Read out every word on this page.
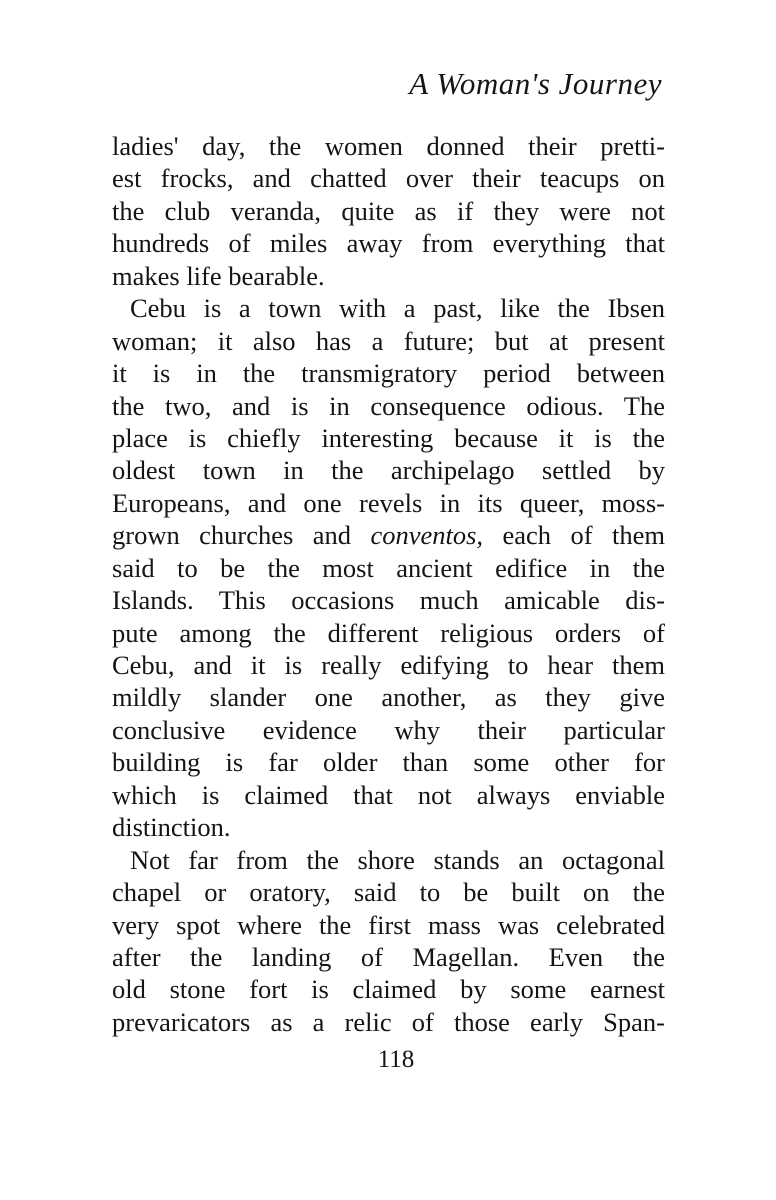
A Woman's Journey
ladies' day, the women donned their pretti-
est frocks, and chatted over their teacups on
the club veranda, quite as if they were not
hundreds of miles away from everything that
makes life bearable.
Cebu is a town with a past, like the Ibsen
woman; it also has a future; but at present
it is in the transmigratory period between
the two, and is in consequence odious. The
place is chiefly interesting because it is the
oldest town in the archipelago settled by
Europeans, and one revels in its queer, moss-
grown churches and conventos, each of them
said to be the most ancient edifice in the
Islands. This occasions much amicable dis-
pute among the different religious orders of
Cebu, and it is really edifying to hear them
mildly slander one another, as they give
conclusive evidence why their particular
building is far older than some other for
which is claimed that not always enviable
distinction.
Not far from the shore stands an octagonal
chapel or oratory, said to be built on the
very spot where the first mass was celebrated
after the landing of Magellan. Even the
old stone fort is claimed by some earnest
prevaricators as a relic of those early Span-
118
